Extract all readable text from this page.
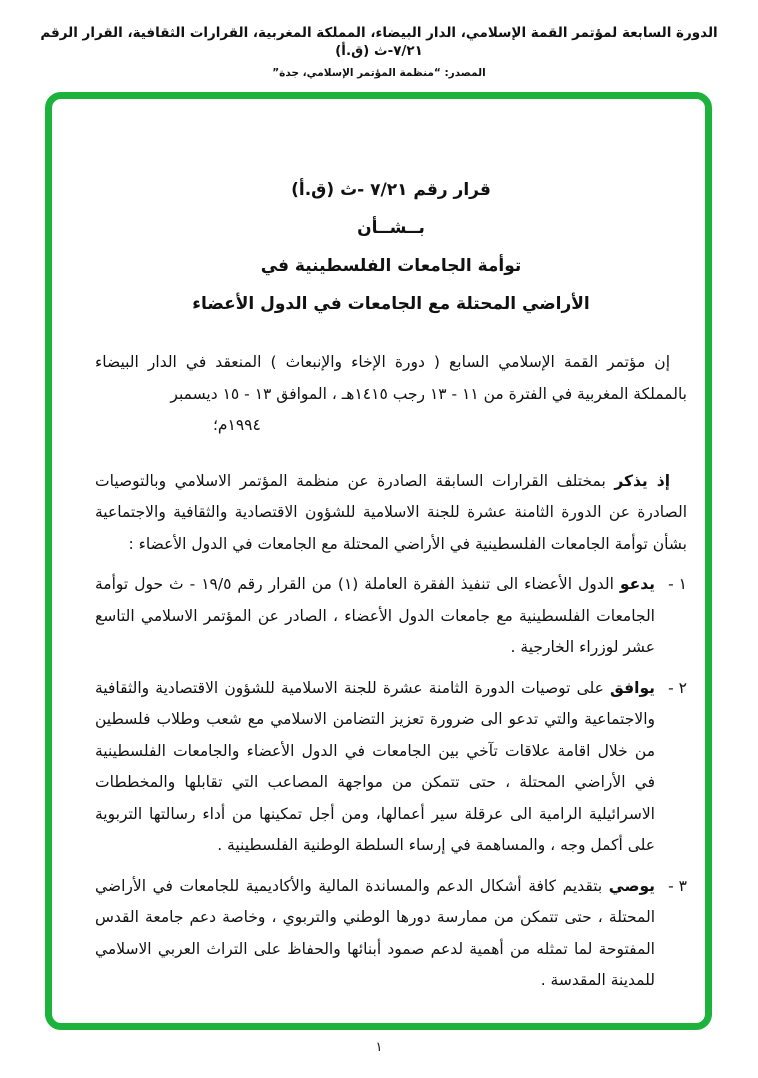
الدورة السابعة لمؤتمر القمة الإسلامي، الدار البيضاء، المملكة المغربية، القرارات الثقافية، القرار الرقم ٧/٢١-ث (ق.أ)
المصدر: “منظمة المؤتمر الإسلامي، جدة”
قرار رقم ٧/٢١ -ث (ق.أ)
بــشــأن
توأمة الجامعات الفلسطينية في
الأراضي المحتلة مع الجامعات في الدول الأعضاء

إن مؤتمر القمة الإسلامي السابع ( دورة الإخاء والإنبعاث ) المنعقد في الدار البيضاء بالمملكة المغربية في الفترة من ١١ - ١٣ رجب ١٤١٥هـ ، الموافق ١٣ - ١٥ ديسمبر

١٩٩٤م؛

إذ يذكر بمختلف القرارات السابقة الصادرة عن منظمة المؤتمر الاسلامي وبالتوصيات الصادرة عن الدورة الثامنة عشرة للجنة الاسلامية للشؤون الاقتصادية والثقافية والاجتماعية بشأن توأمة الجامعات الفلسطينية في الأراضي المحتلة مع الجامعات في الدول الأعضاء :

١ -
يدعو الدول الأعضاء الى تنفيذ الفقرة العاملة (١) من القرار رقم ١٩/٥ - ث حول توأمة الجامعات الفلسطينية مع جامعات الدول الأعضاء ، الصادر عن المؤتمر الاسلامي التاسع عشر لوزراء الخارجية .
٢ -
يوافق على توصيات الدورة الثامنة عشرة للجنة الاسلامية للشؤون الاقتصادية والثقافية والاجتماعية والتي تدعو الى ضرورة تعزيز التضامن الاسلامي مع شعب وطلاب فلسطين من خلال اقامة علاقات تآخي بين الجامعات في الدول الأعضاء والجامعات الفلسطينية في الأراضي المحتلة ، حتى تتمكن من مواجهة المصاعب التي تقابلها والمخططات الاسرائيلية الرامية الى عرقلة سير أعمالها، ومن أجل تمكينها من أداء رسالتها التربوية على أكمل وجه ، والمساهمة في إرساء السلطة الوطنية الفلسطينية .
٣ -
يوصي بتقديم كافة أشكال الدعم والمساندة المالية والأكاديمية للجامعات في الأراضي المحتلة ، حتى تتمكن من ممارسة دورها الوطني والتربوي ، وخاصة دعم جامعة القدس المفتوحة لما تمثله من أهمية لدعم صمود أبنائها والحفاظ على التراث العربي الاسلامي للمدينة المقدسة .
١
